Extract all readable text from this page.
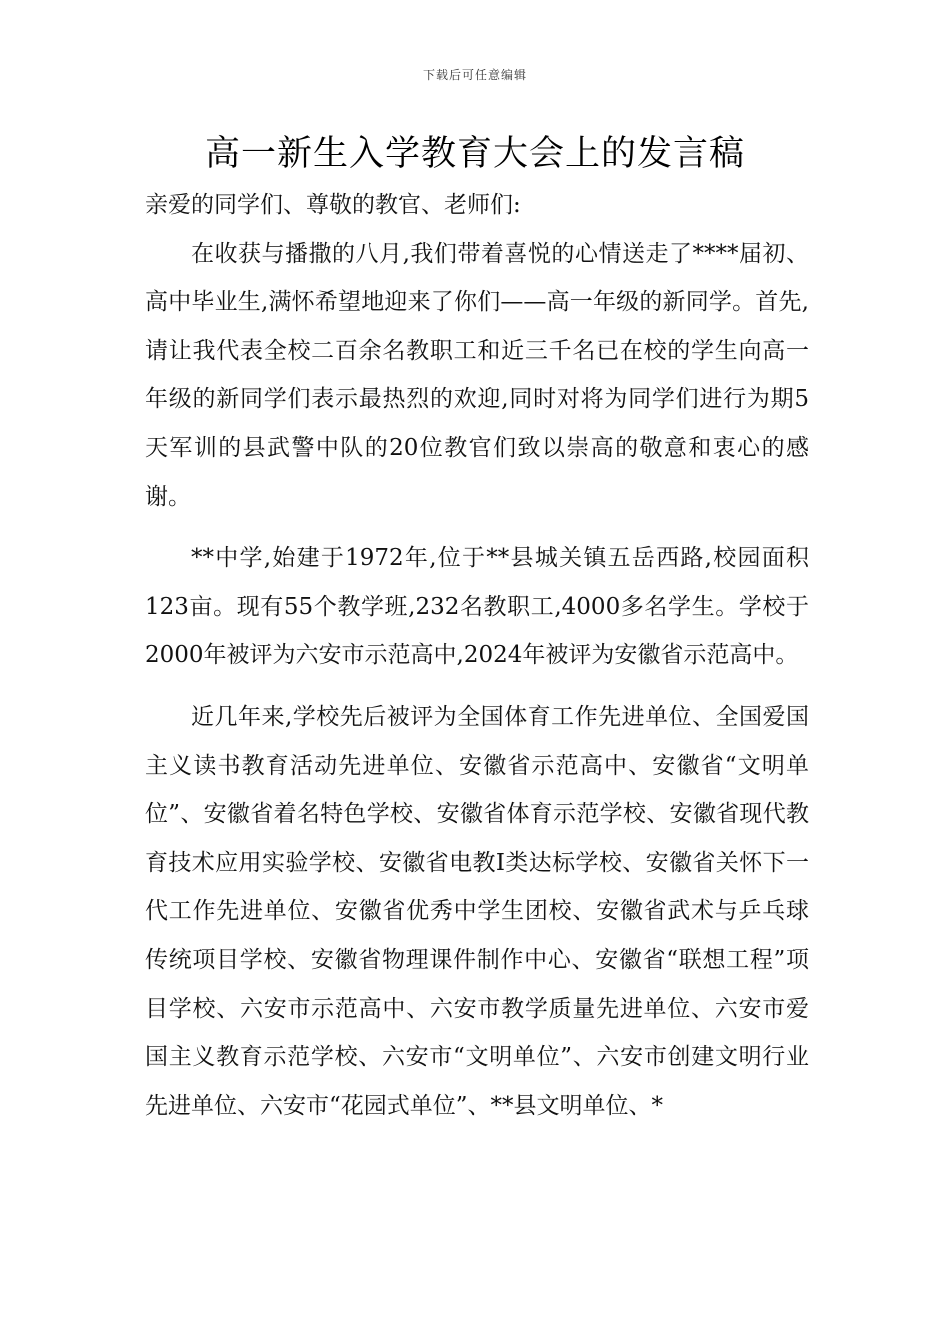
下载后可任意编辑
高一新生入学教育大会上的发言稿

亲爱的同学们、尊敬的教官、老师们:

在收获与播撒的八月,我们带着喜悦的心情送走了****届初、高中毕业生,满怀希望地迎来了你们——高一年级的新同学。首先,请让我代表全校二百余名教职工和近三千名已在校的学生向高一年级的新同学们表示最热烈的欢迎,同时对将为同学们进行为期5天军训的县武警中队的20位教官们致以崇高的敬意和衷心的感谢。

**中学,始建于1972年,位于**县城关镇五岳西路,校园面积123亩。现有55个教学班,232名教职工,4000多名学生。学校于2000年被评为六安市示范高中,2024年被评为安徽省示范高中。

近几年来,学校先后被评为全国体育工作先进单位、全国爱国主义读书教育活动先进单位、安徽省示范高中、安徽省“文明单位”、安徽省着名特色学校、安徽省体育示范学校、安徽省现代教育技术应用实验学校、安徽省电教Ⅰ类达标学校、安徽省关怀下一代工作先进单位、安徽省优秀中学生团校、安徽省武术与乒乓球传统项目学校、安徽省物理课件制作中心、安徽省“联想工程”项目学校、六安市示范高中、六安市教学质量先进单位、六安市爱国主义教育示范学校、六安市“文明单位”、六安市创建文明行业先进单位、六安市“花园式单位”、**县文明单位、*
